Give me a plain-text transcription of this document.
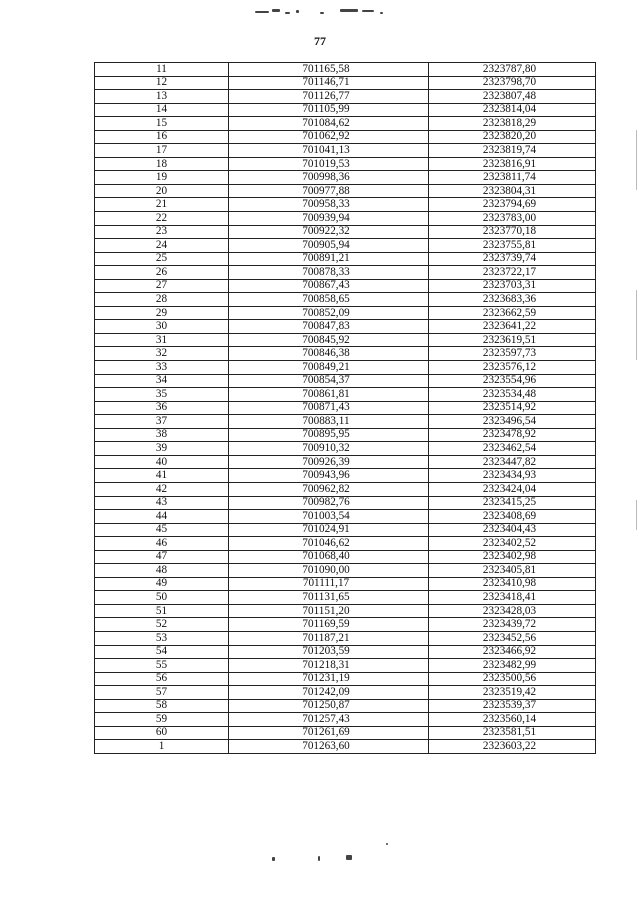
77
11	701165,58	2323787,80
12	701146,71	2323798,70
13	701126,77	2323807,48
14	701105,99	2323814,04
15	701084,62	2323818,29
16	701062,92	2323820,20
17	701041,13	2323819,74
18	701019,53	2323816,91
19	700998,36	2323811,74
20	700977,88	2323804,31
21	700958,33	2323794,69
22	700939,94	2323783,00
23	700922,32	2323770,18
24	700905,94	2323755,81
25	700891,21	2323739,74
26	700878,33	2323722,17
27	700867,43	2323703,31
28	700858,65	2323683,36
29	700852,09	2323662,59
30	700847,83	2323641,22
31	700845,92	2323619,51
32	700846,38	2323597,73
33	700849,21	2323576,12
34	700854,37	2323554,96
35	700861,81	2323534,48
36	700871,43	2323514,92
37	700883,11	2323496,54
38	700895,95	2323478,92
39	700910,32	2323462,54
40	700926,39	2323447,82
41	700943,96	2323434,93
42	700962,82	2323424,04
43	700982,76	2323415,25
44	701003,54	2323408,69
45	701024,91	2323404,43
46	701046,62	2323402,52
47	701068,40	2323402,98
48	701090,00	2323405,81
49	701111,17	2323410,98
50	701131,65	2323418,41
51	701151,20	2323428,03
52	701169,59	2323439,72
53	701187,21	2323452,56
54	701203,59	2323466,92
55	701218,31	2323482,99
56	701231,19	2323500,56
57	701242,09	2323519,42
58	701250,87	2323539,37
59	701257,43	2323560,14
60	701261,69	2323581,51
1	701263,60	2323603,22
